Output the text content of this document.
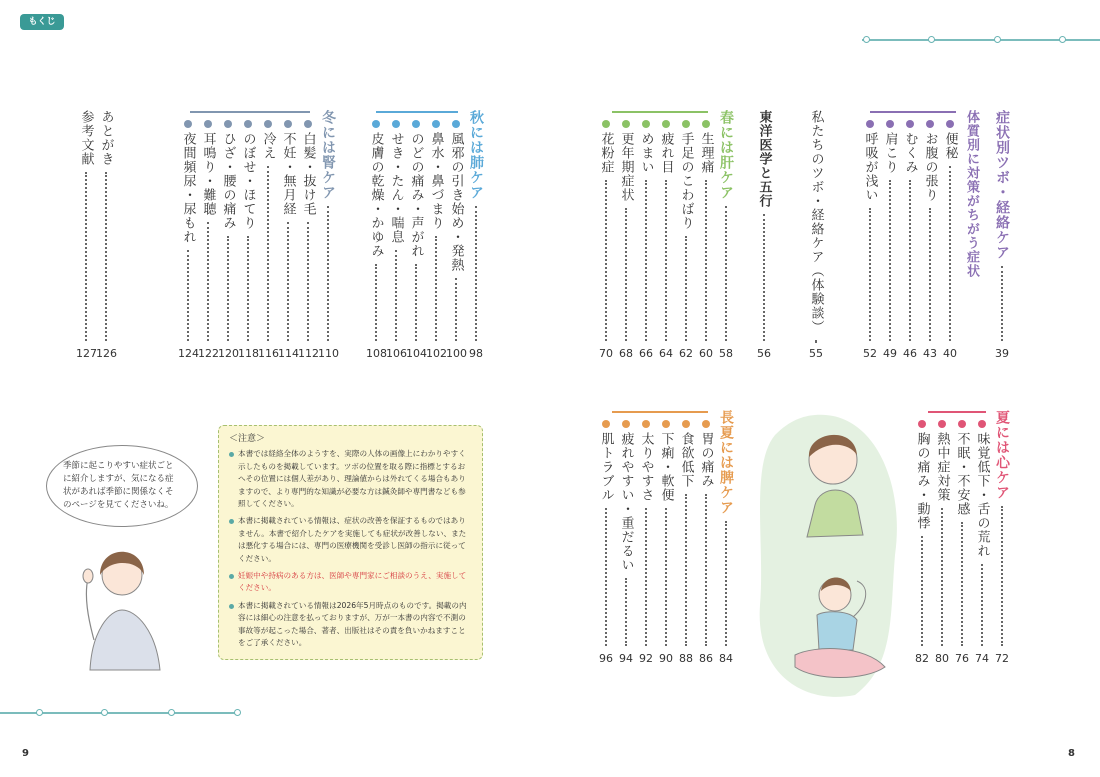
もくじ
9	8
症状別ツボ・経絡ケア
39
体質別に対策がちがう症状
便秘
40
お腹の張り
43
むくみ
46
肩こり
49
呼吸が浅い
52
私たちのツボ・経絡ケア（体験談）
55
東洋医学と五行
56
春には肝ケア
58
生理痛
60
手足のこわばり
62
疲れ目
64
めまい
66
更年期症状
68
花粉症
70
秋には肺ケア
98
風邪の引き始め・発熱
100
鼻水・鼻づまり
102
のどの痛み・声がれ
104
せき・たん・喘息
106
皮膚の乾燥・かゆみ
108
冬には腎ケア
110
白髪・抜け毛
112
不妊・無月経
114
冷え
116
のぼせ・ほてり
118
ひざ・腰の痛み
120
耳鳴り・難聴
122
夜間頻尿・尿もれ
124
あとがき
126
参考文献
127
夏には心ケア
72
味覚低下・舌の荒れ
74
不眠・不安感
76
熱中症対策
80
胸の痛み・動悸
82
長夏には脾ケア
84
胃の痛み
86
食欲低下
88
下痢・軟便
90
太りやすさ
92
疲れやすい・重だるい
94
肌トラブル
96
季節に起こりやすい症状ごとに紹介しますが、気になる症状があれば季節に関係なくそのページを見てくださいね。
＜注意＞
本書では経絡全体のようすを、実際の人体の画像上にわかりやすく示したものを掲載しています。ツボの位置を取る際に指標とするおへその位置には個人差があり、理論値からは外れてくる場合もありますので、より専門的な知識が必要な方は鍼灸師や専門書なども参照してください。
本書に掲載されている情報は、症状の改善を保証するものではありません。本書で紹介したケアを実施しても症状が改善しない、または悪化する場合には、専門の医療機関を受診し医師の指示に従ってください。
妊娠中や持病のある方は、医師や専門家にご相談のうえ、実施してください。
本書に掲載されている情報は2026年5月時点のものです。掲載の内容には細心の注意を払っておりますが、万が一本書の内容で不測の事故等が起こった場合、著者、出版社はその責を負いかねますことをご了承ください。
